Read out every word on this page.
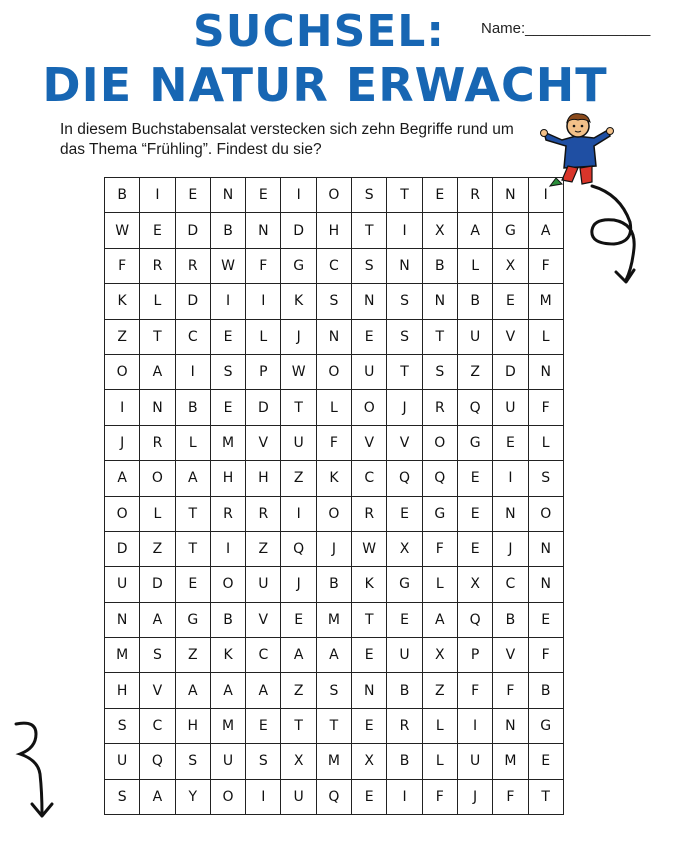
SUCHSEL:
DIE NATUR ERWACHT
Name:_______________
In diesem Buchstabensalat verstecken sich zehn Begriffe rund um das Thema “Frühling”. Findest du sie?
B	I	E	N	E	I	O	S	T	E	R	N	I
W	E	D	B	N	D	H	T	I	X	A	G	A
F	R	R	W	F	G	C	S	N	B	L	X	F
K	L	D	I	I	K	S	N	S	N	B	E	M
Z	T	C	E	L	J	N	E	S	T	U	V	L
O	A	I	S	P	W	O	U	T	S	Z	D	N
I	N	B	E	D	T	L	O	J	R	Q	U	F
J	R	L	M	V	U	F	V	V	O	G	E	L
A	O	A	H	H	Z	K	C	Q	Q	E	I	S
O	L	T	R	R	I	O	R	E	G	E	N	O
D	Z	T	I	Z	Q	J	W	X	F	E	J	N
U	D	E	O	U	J	B	K	G	L	X	C	N
N	A	G	B	V	E	M	T	E	A	Q	B	E
M	S	Z	K	C	A	A	E	U	X	P	V	F
H	V	A	A	A	Z	S	N	B	Z	F	F	B
S	C	H	M	E	T	T	E	R	L	I	N	G
U	Q	S	U	S	X	M	X	B	L	U	M	E
S	A	Y	O	I	U	Q	E	I	F	J	F	T
